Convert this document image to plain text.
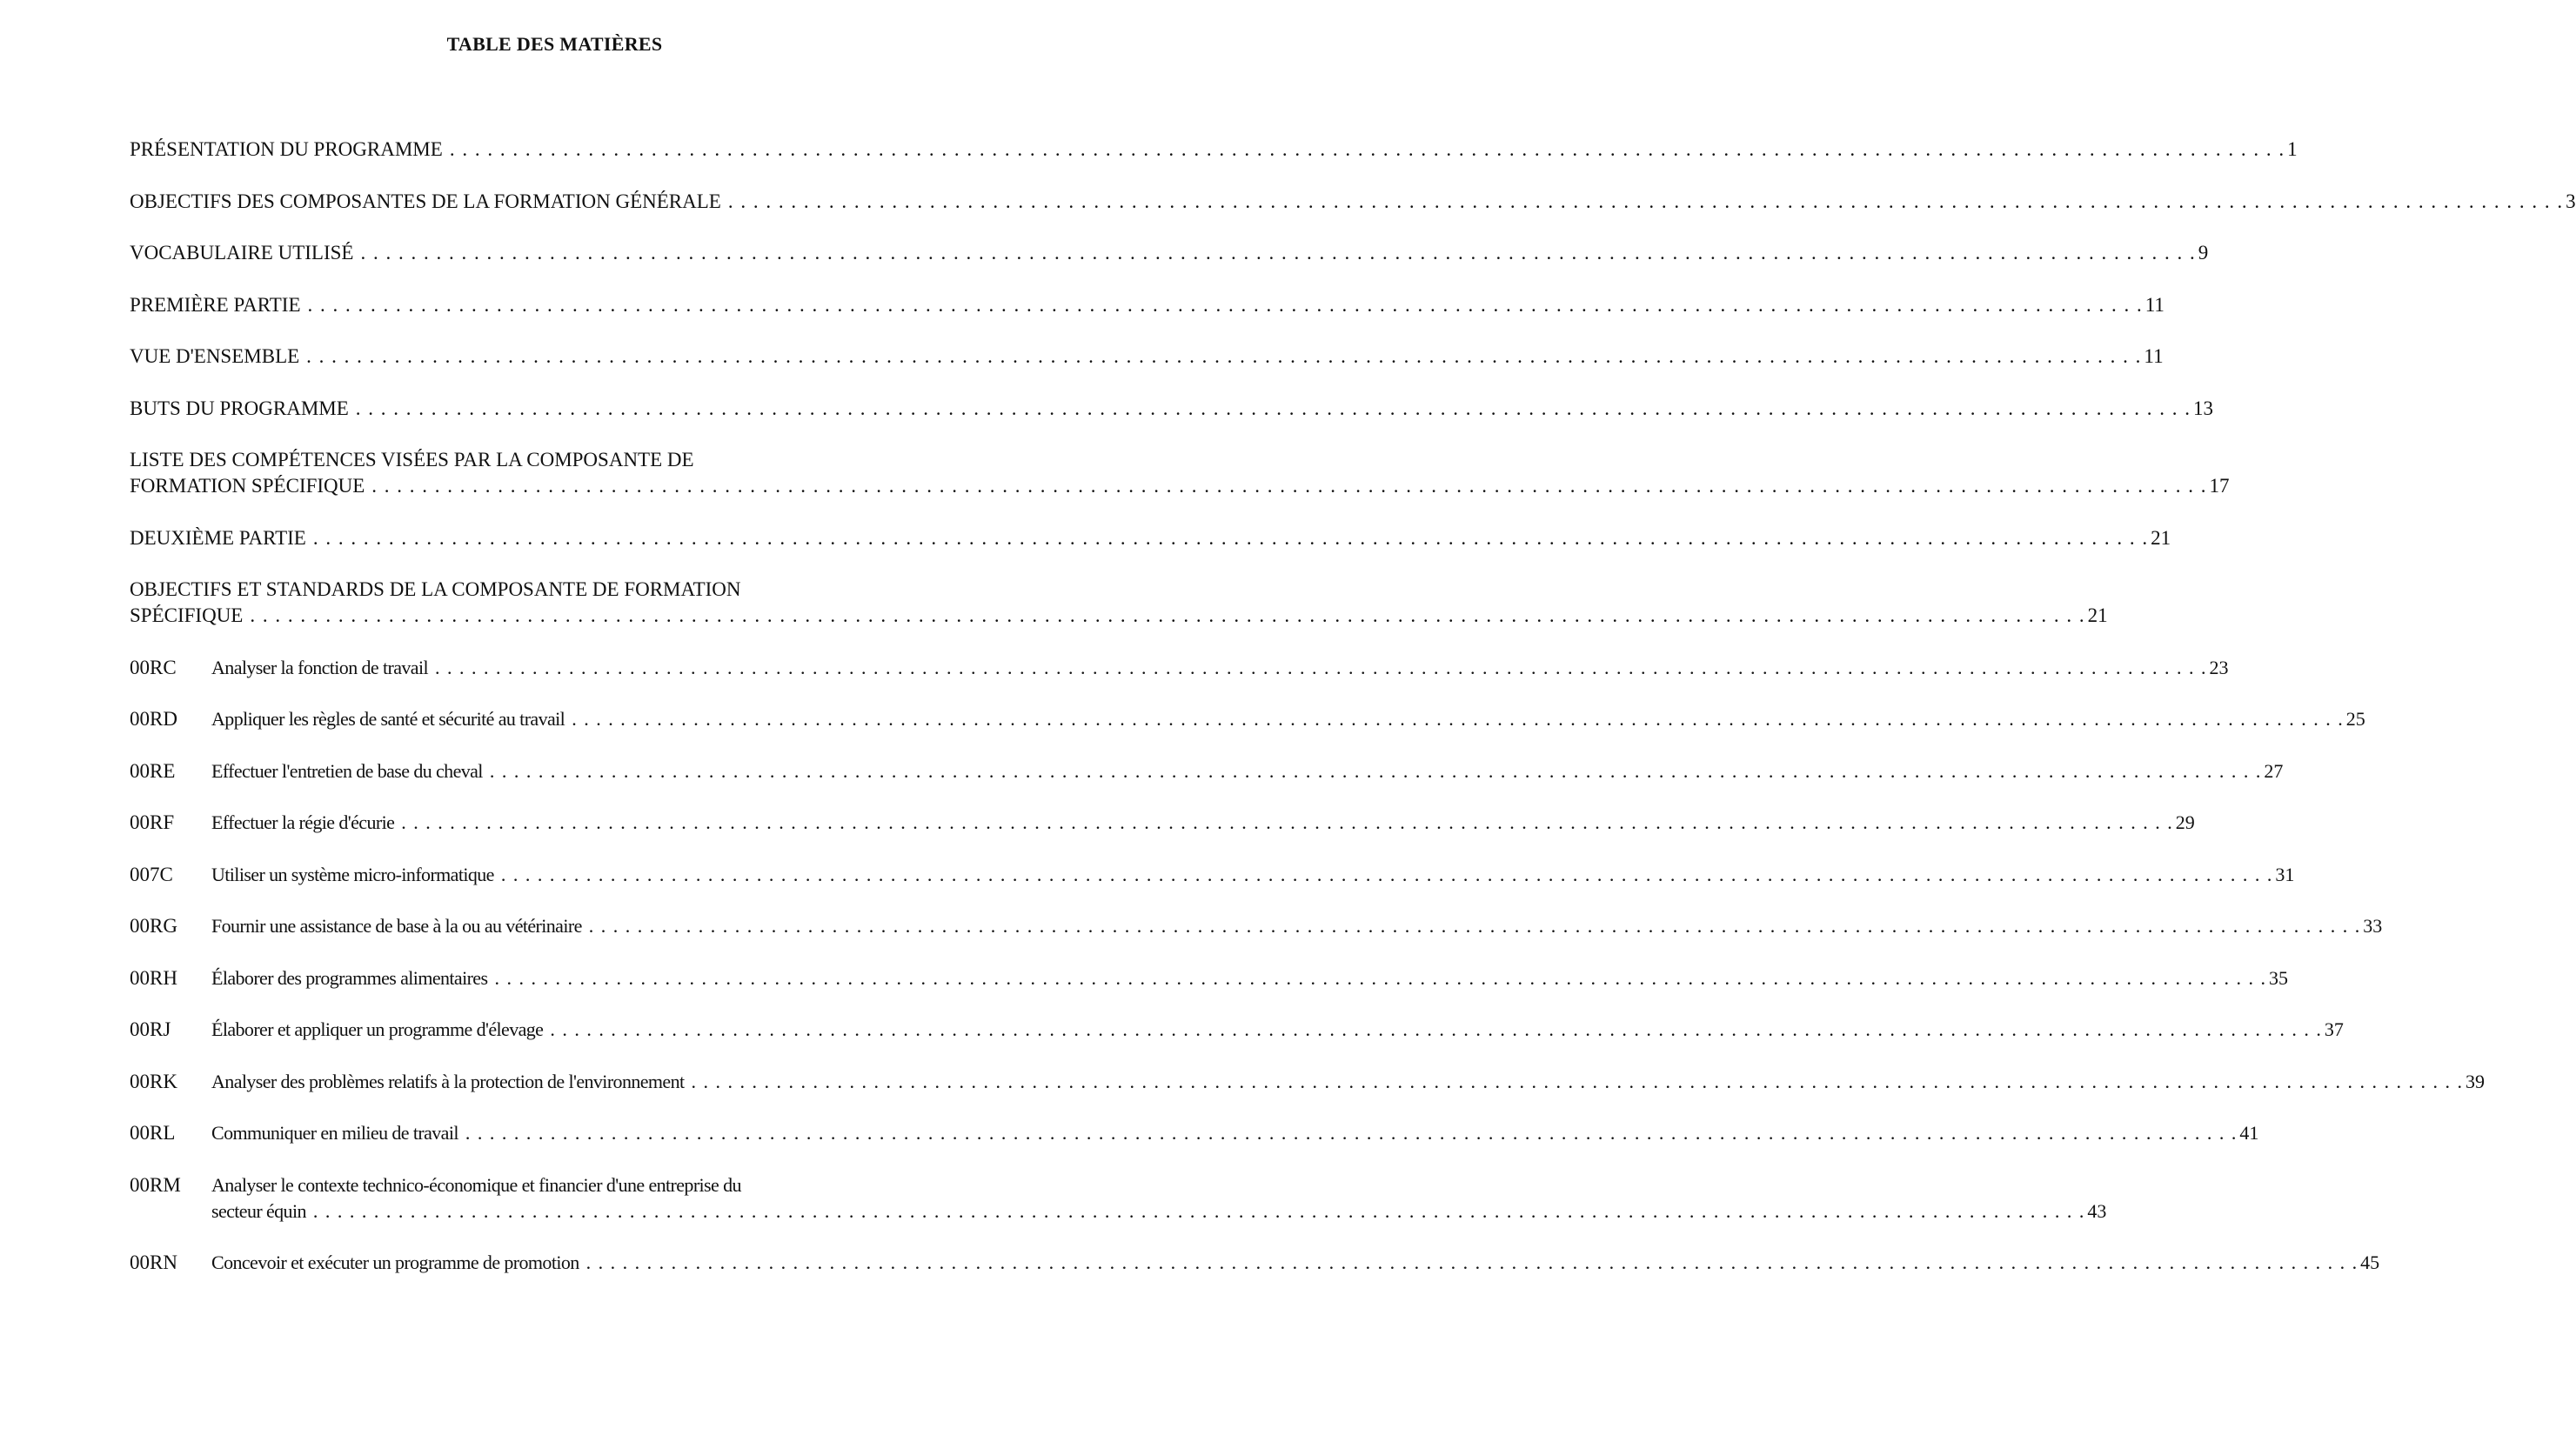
TABLE DES MATIÈRES
PRÉSENTATION DU PROGRAMME . . .	1
OBJECTIFS DES COMPOSANTES DE LA FORMATION GÉNÉRALE . . .	3
VOCABULAIRE UTILISÉ . . .	9
PREMIÈRE PARTIE . . .	11
VUE D'ENSEMBLE . . .	11
BUTS DU PROGRAMME . . .	13
LISTE DES COMPÉTENCES VISÉES PAR LA COMPOSANTE DE
FORMATION SPÉCIFIQUE . . .	17
DEUXIÈME PARTIE . . .	21
OBJECTIFS ET STANDARDS DE LA COMPOSANTE DE FORMATION
SPÉCIFIQUE . . .	21
00RC	Analyser la fonction de travail . . .	23
00RD	Appliquer les règles de santé et sécurité au travail . . .	25
00RE	Effectuer l'entretien de base du cheval . . .	27
00RF	Effectuer la régie d'écurie . . .	29
007C	Utiliser un système micro-informatique . . .	31
00RG	Fournir une assistance de base à la ou au vétérinaire . . .	33
00RH	Élaborer des programmes alimentaires . . .	35
00RJ	Élaborer et appliquer un programme d'élevage . . .	37
00RK	Analyser des problèmes relatifs à la protection de l'environnement . . .	39
00RL	Communiquer en milieu de travail . . .	41
00RM	Analyser le contexte technico-économique et financier d'une entreprise du
secteur équin . . .	43
00RN	Concevoir et exécuter un programme de promotion . . .	45
